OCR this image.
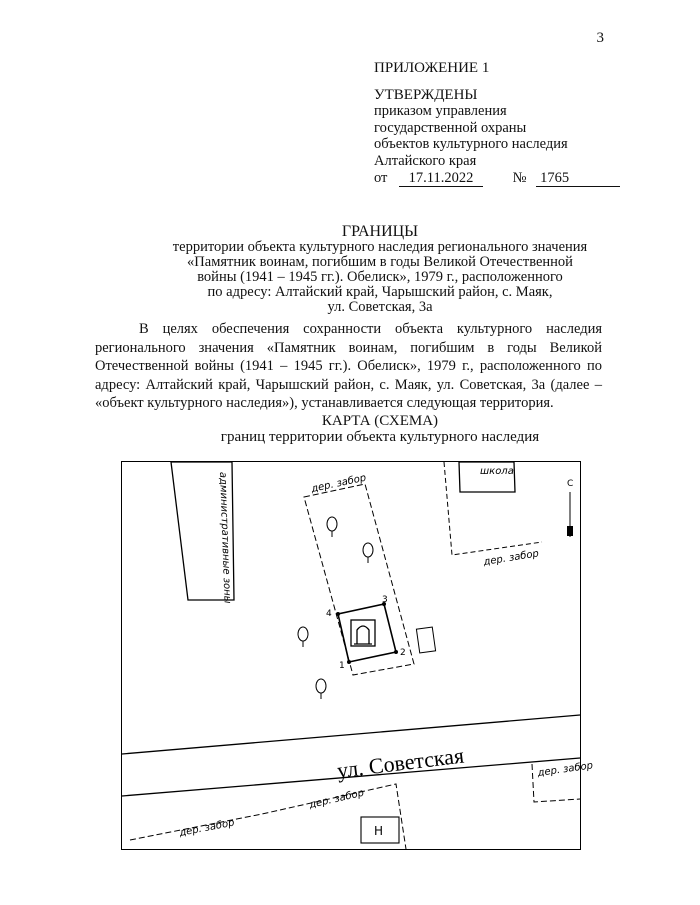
3
ПРИЛОЖЕНИЕ 1
УТВЕРЖДЕНЫ
приказом управления
государственной охраны
объектов культурного наследия
Алтайского края
от 17.11.2022	№ 1765
ГРАНИЦЫ
территории объекта культурного наследия регионального значения
«Памятник воинам, погибшим в годы Великой Отечественной
войны (1941 – 1945 гг.). Обелиск», 1979 г., расположенного
по адресу: Алтайский край, Чарышский район, с. Маяк,
ул. Советская, 3а
В целях обеспечения сохранности объекта культурного наследия регионального значения «Памятник воинам, погибшим в годы Великой Отечественной войны (1941 – 1945 гг.). Обелиск», 1979 г., расположенного по адресу: Алтайский край, Чарышский район, с. Маяк, ул. Советская, 3а (далее – «объект культурного наследия»), устанавливается следующая территория.
КАРТА (СХЕМА)
границ территории объекта культурного наследия
административные зоны
школа
дер. забор
С
дер. забор
1
2
3
4
ул. Советская
дер. забор
дер. забор
Н
дер. забор
